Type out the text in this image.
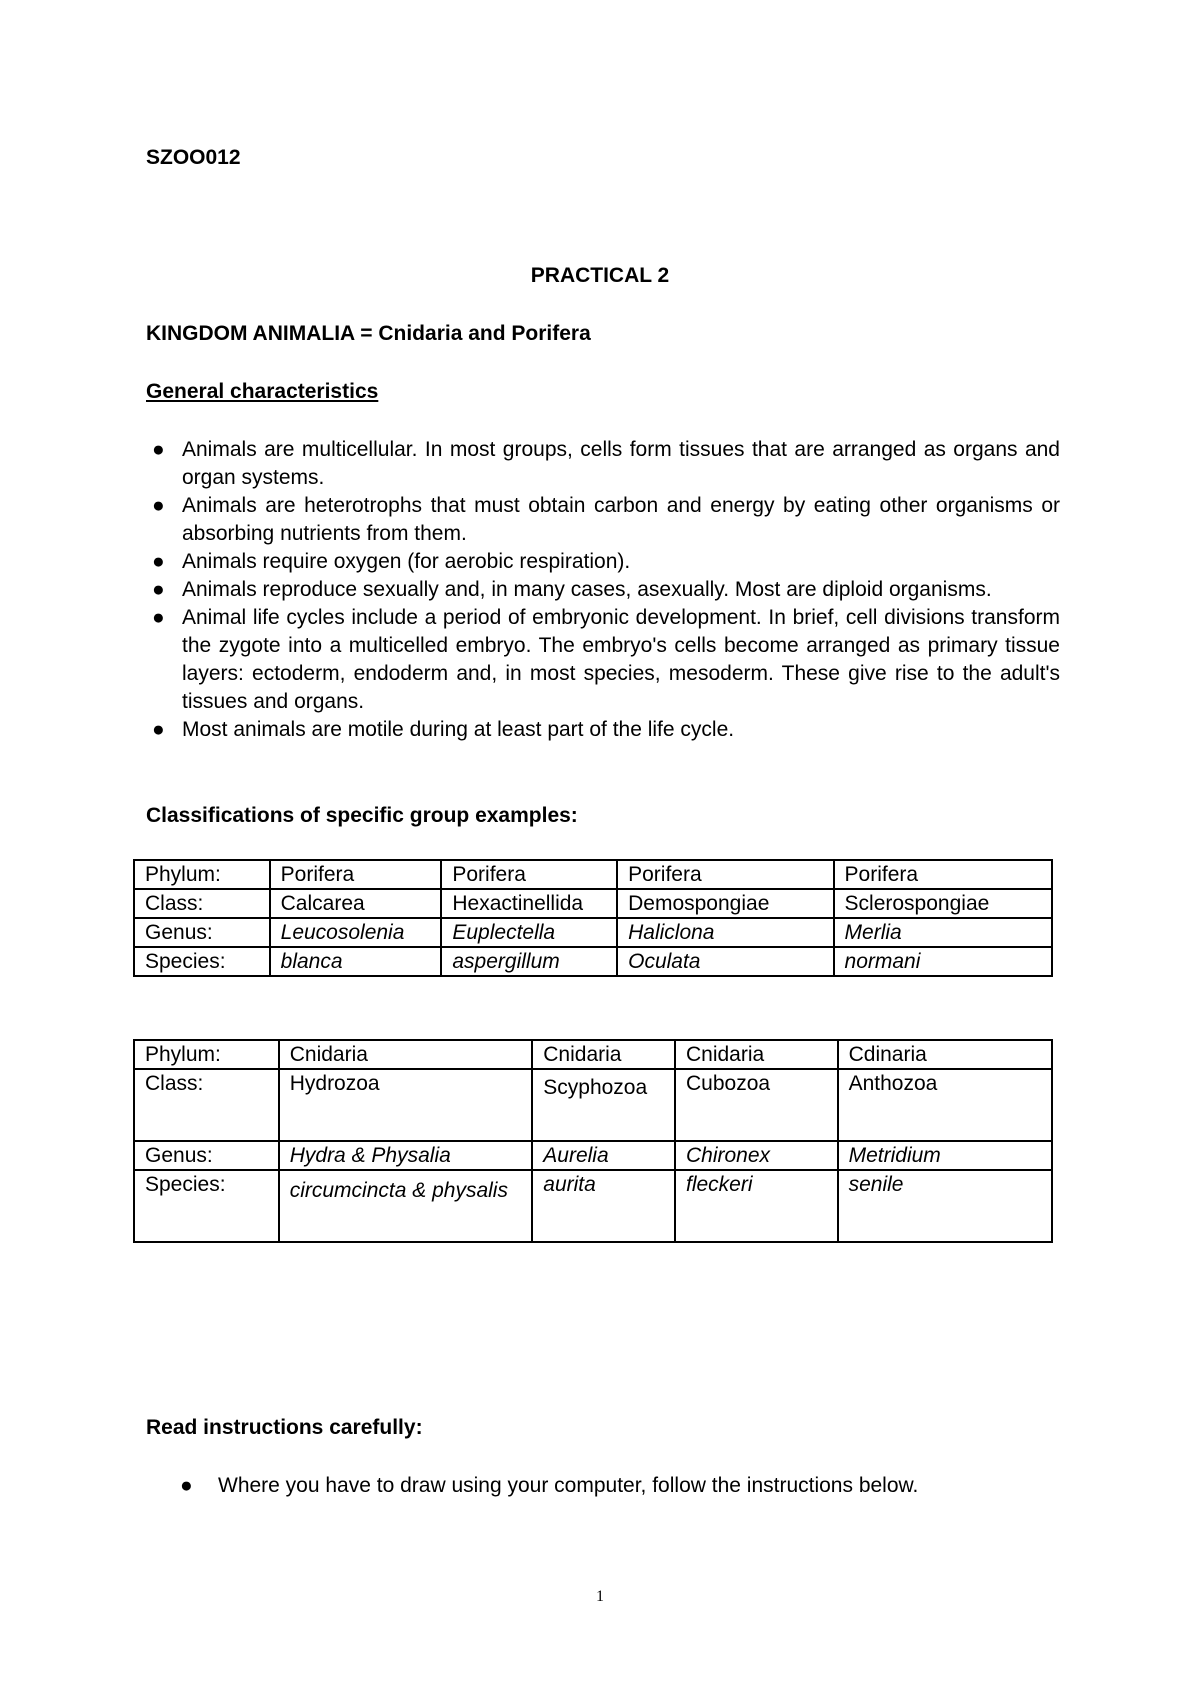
SZOO012
PRACTICAL 2
KINGDOM ANIMALIA = Cnidaria and Porifera
General characteristics
● Animals are multicellular. In most groups, cells form tissues that are arranged as organs and organ systems.
● Animals are heterotrophs that must obtain carbon and energy by eating other organisms or absorbing nutrients from them.
● Animals require oxygen (for aerobic respiration).
● Animals reproduce sexually and, in many cases, asexually. Most are diploid organisms.
● Animal life cycles include a period of embryonic development. In brief, cell divisions transform the zygote into a multicelled embryo. The embryo's cells become arranged as primary tissue layers: ectoderm, endoderm and, in most species, mesoderm. These give rise to the adult's tissues and organs.
● Most animals are motile during at least part of the life cycle.
Classifications of specific group examples:
Phylum:	Porifera	Porifera	Porifera	Porifera
Class:	Calcarea	Hexactinellida	Demospongiae	Sclerospongiae
Genus:	Leucosolenia	Euplectella	Haliclona	Merlia
Species:	blanca	aspergillum	Oculata	normani
Phylum:	Cnidaria	Cnidaria	Cnidaria	Cdinaria
Class:	Hydrozoa	Scyphozoa	Cubozoa	Anthozoa
Genus:	Hydra & Physalia	Aurelia	Chironex	Metridium
Species:	circumcincta & physalis	aurita	fleckeri	senile
Read instructions carefully:
● Where you have to draw using your computer, follow the instructions below.
1
